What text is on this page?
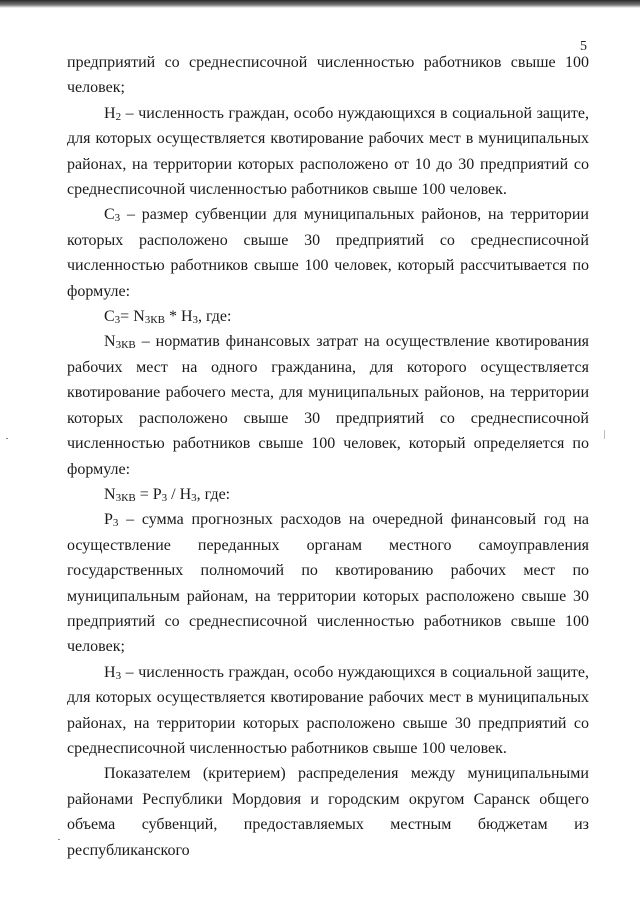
5

предприятий со среднесписочной численностью работников свыше 100 человек;

$Н_2$ – численность граждан, особо нуждающихся в социальной защите, для которых осуществляется квотирование рабочих мест в муниципальных районах, на территории которых расположено от 10 до 30 предприятий со среднесписочной численностью работников свыше 100 человек.

$С_3$ – размер субвенции для муниципальных районов, на территории которых расположено свыше 30 предприятий со среднесписочной численностью работников свыше 100 человек, который рассчитывается по формуле:

$С_3= N_{3КВ} * Н_3$, где:

$N_{3КВ}$ – норматив финансовых затрат на осуществление квотирования рабочих мест на одного гражданина, для которого осуществляется квотирование рабочего места, для муниципальных районов, на территории которых расположено свыше 30 предприятий со среднесписочной численностью работников свыше 100 человек, который определяется по формуле:

$N_{3КВ} = Р_3 / Н_3$, где:

$Р_3$ – сумма прогнозных расходов на очередной финансовый год на осуществление переданных органам местного самоуправления государственных полномочий по квотированию рабочих мест по муниципальным районам, на территории которых расположено свыше 30 предприятий со среднесписочной численностью работников свыше 100 человек;

$Н_3$ – численность граждан, особо нуждающихся в социальной защите, для которых осуществляется квотирование рабочих мест в муниципальных районах, на территории которых расположено свыше 30 предприятий со среднесписочной численностью работников свыше 100 человек.

Показателем (критерием) распределения между муниципальными районами Республики Мордовия и городским округом Саранск общего объема субвенций, предоставляемых местным бюджетам из республиканского
